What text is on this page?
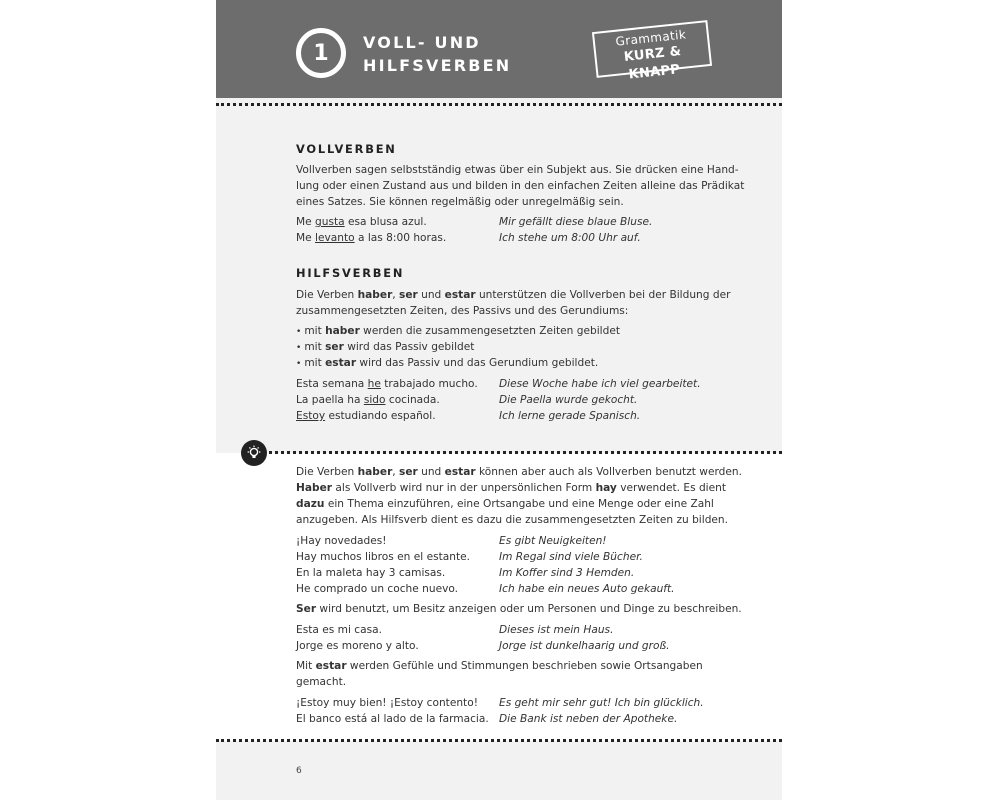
1	VOLL- UND
HILFSVERBEN
Grammatik
KURZ & KNAPP
VOLLVERBEN
Vollverben sagen selbstständig etwas über ein Subjekt aus. Sie drücken eine Hand-
lung oder einen Zustand aus und bilden in den einfachen Zeiten alleine das Prädikat
eines Satzes. Sie können regelmäßig oder unregelmäßig sein.
Me gusta esa blusa azul.	Mir gefällt diese blaue Bluse.
Me levanto a las 8:00 horas.	Ich stehe um 8:00 Uhr auf.
HILFSVERBEN
Die Verben haber, ser und estar unterstützen die Vollverben bei der Bildung der
zusammengesetzten Zeiten, des Passivs und des Gerundiums:
• mit haber werden die zusammengesetzten Zeiten gebildet
• mit ser wird das Passiv gebildet
• mit estar wird das Passiv und das Gerundium gebildet.
Esta semana he trabajado mucho. Diese Woche habe ich viel gearbeitet.
La paella ha sido cocinada.	Die Paella wurde gekocht.
Estoy estudiando español.	Ich lerne gerade Spanisch.
Die Verben haber, ser und estar können aber auch als Vollverben benutzt werden.
Haber als Vollverb wird nur in der unpersönlichen Form hay verwendet. Es dient
dazu ein Thema einzuführen, eine Ortsangabe und eine Menge oder eine Zahl
anzugeben. Als Hilfsverb dient es dazu die zusammengesetzten Zeiten zu bilden.
¡Hay novedades!	Es gibt Neuigkeiten!
Hay muchos libros en el estante.	Im Regal sind viele Bücher.
En la maleta hay 3 camisas.	Im Koffer sind 3 Hemden.
He comprado un coche nuevo.	Ich habe ein neues Auto gekauft.
Ser wird benutzt, um Besitz anzeigen oder um Personen und Dinge zu beschreiben.
Esta es mi casa.	Dieses ist mein Haus.
Jorge es moreno y alto.	Jorge ist dunkelhaarig und groß.
Mit estar werden Gefühle und Stimmungen beschrieben sowie Ortsangaben
gemacht.
¡Estoy muy bien! ¡Estoy contento! Es geht mir sehr gut! Ich bin glücklich.
El banco está al lado de la farmacia. Die Bank ist neben der Apotheke.
6
